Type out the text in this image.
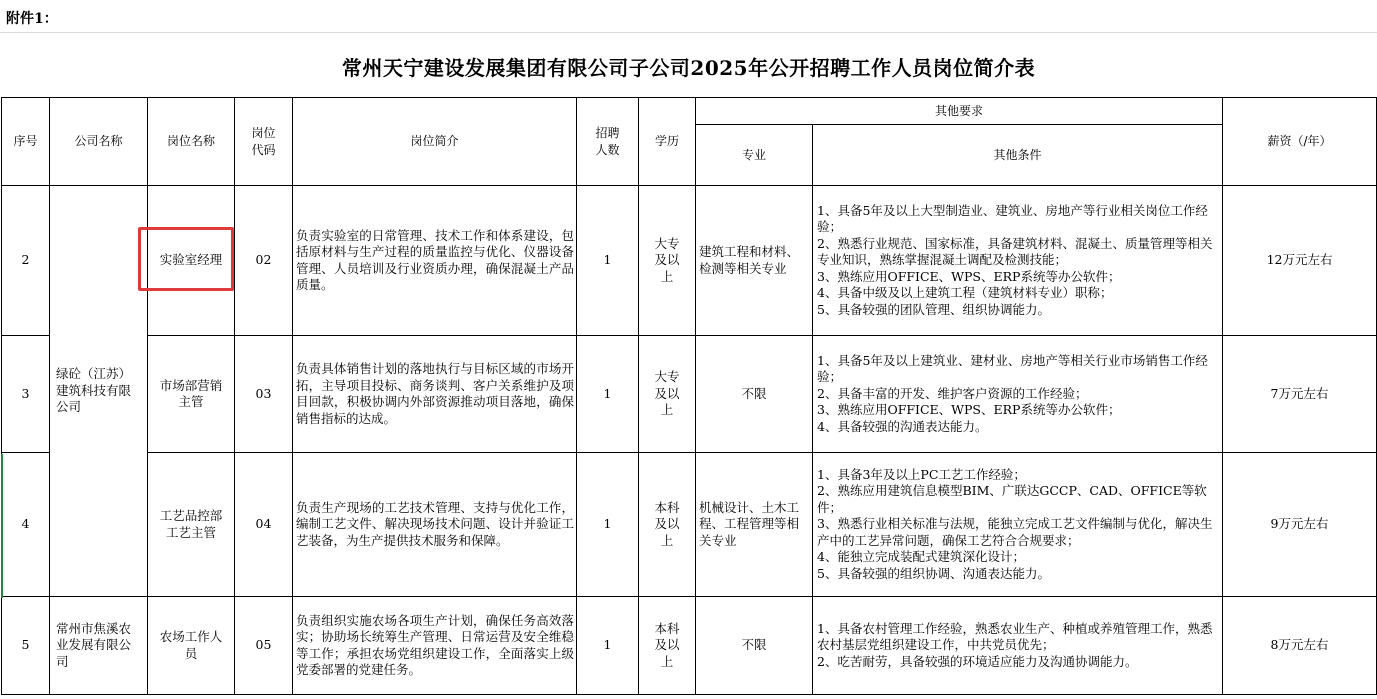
附件1：
常州天宁建设发展集团有限公司子公司2025年公开招聘工作人员岗位简介表
序号	公司名称	岗位名称	岗位代码	岗位简介	招聘人数	学历	其他要求		薪资（/年）
							专业	其他条件	
2	绿砼（江苏）建筑科技有限公司	实验室经理	02	负责实验室的日常管理、技术工作和体系建设，包括原材料与生产过程的质量监控与优化、仪器设备管理、人员培训及行业资质办理，确保混凝土产品质量。	1	大专及以上	建筑工程和材料、检测等相关专业	1、具备5年及以上大型制造业、建筑业、房地产等行业相关岗位工作经验；
2、熟悉行业规范、国家标准，具备建筑材料、混凝土、质量管理等相关专业知识，熟练掌握混凝土调配及检测技能；
3、熟练应用OFFICE、WPS、ERP系统等办公软件；
4、具备中级及以上建筑工程（建筑材料专业）职称；
5、具备较强的团队管理、组织协调能力。	12万元左右
3		市场部营销主管	03	负责具体销售计划的落地执行与目标区域的市场开拓，主导项目投标、商务谈判、客户关系维护及项目回款，积极协调内外部资源推动项目落地，确保销售指标的达成。	1	大专及以上	不限	1、具备5年及以上建筑业、建材业、房地产等相关行业市场销售工作经验；
2、具备丰富的开发、维护客户资源的工作经验；
3、熟练应用OFFICE、WPS、ERP系统等办公软件；
4、具备较强的沟通表达能力。	7万元左右
4		工艺品控部工艺主管	04	负责生产现场的工艺技术管理、支持与优化工作，编制工艺文件、解决现场技术问题、设计并验证工艺装备，为生产提供技术服务和保障。	1	本科及以上	机械设计、土木工程、工程管理等相关专业	1、具备3年及以上PC工艺工作经验；
2、熟练应用建筑信息模型BIM、广联达GCCP、CAD、OFFICE等软件；
3、熟悉行业相关标准与法规，能独立完成工艺文件编制与优化，解决生产中的工艺异常问题，确保工艺符合合规要求；
4、能独立完成装配式建筑深化设计；
5、具备较强的组织协调、沟通表达能力。	9万元左右
5	常州市焦溪农业发展有限公司	农场工作人员	05	负责组织实施农场各项生产计划，确保任务高效落实；协助场长统筹生产管理、日常运营及安全维稳等工作；承担农场党组织建设工作，全面落实上级党委部署的党建任务。	1	本科及以上	不限	1、具备农村管理工作经验，熟悉农业生产、种植或养殖管理工作，熟悉农村基层党组织建设工作，中共党员优先；
2、吃苦耐劳，具备较强的环境适应能力及沟通协调能力。	8万元左右
